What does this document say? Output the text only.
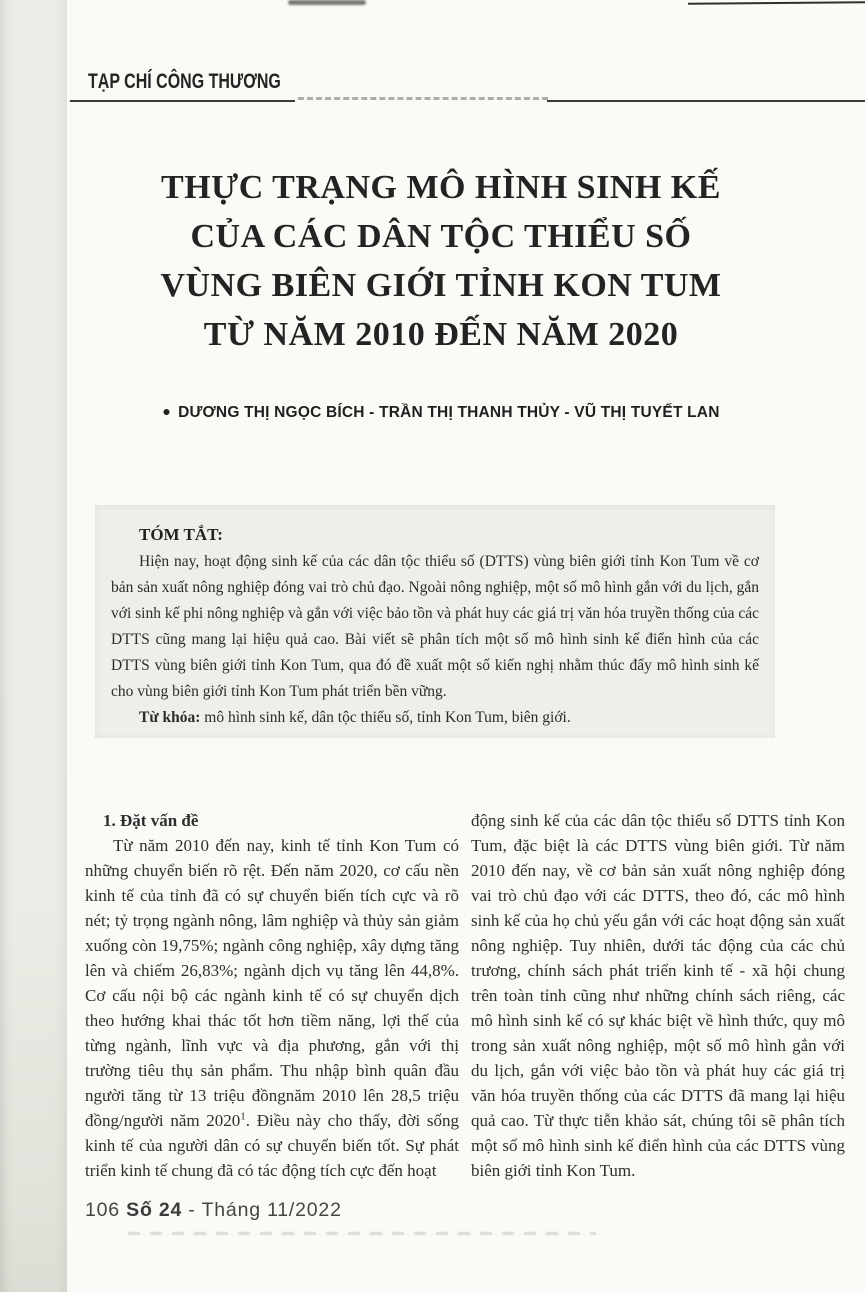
TẠP CHÍ CÔNG THƯƠNG
THỰC TRẠNG MÔ HÌNH SINH KẾ
CỦA CÁC DÂN TỘC THIỂU SỐ
VÙNG BIÊN GIỚI TỈNH KON TUM
TỪ NĂM 2010 ĐẾN NĂM 2020
● DƯƠNG THỊ NGỌC BÍCH - TRẦN THỊ THANH THỦY - VŨ THỊ TUYẾT LAN

TÓM TẮT:

Hiện nay, hoạt động sinh kế của các dân tộc thiểu số (DTTS) vùng biên giới tỉnh Kon Tum về cơ bản sản xuất nông nghiệp đóng vai trò chủ đạo. Ngoài nông nghiệp, một số mô hình gắn với du lịch, gắn với sinh kế phi nông nghiệp và gắn với việc bảo tồn và phát huy các giá trị văn hóa truyền thống của các DTTS cũng mang lại hiệu quả cao. Bài viết sẽ phân tích một số mô hình sinh kế điển hình của các DTTS vùng biên giới tỉnh Kon Tum, qua đó đề xuất một số kiến nghị nhằm thúc đẩy mô hình sinh kế cho vùng biên giới tỉnh Kon Tum phát triển bền vững.

Từ khóa: mô hình sinh kế, dân tộc thiểu số, tỉnh Kon Tum, biên giới.

1. Đặt vấn đề

Từ năm 2010 đến nay, kinh tế tỉnh Kon Tum có những chuyển biến rõ rệt. Đến năm 2020, cơ cấu nền kinh tế của tỉnh đã có sự chuyển biến tích cực và rõ nét; tỷ trọng ngành nông, lâm nghiệp và thủy sản giảm xuống còn 19,75%; ngành công nghiệp, xây dựng tăng lên và chiếm 26,83%; ngành dịch vụ tăng lên 44,8%. Cơ cấu nội bộ các ngành kinh tế có sự chuyển dịch theo hướng khai thác tốt hơn tiềm năng, lợi thế của từng ngành, lĩnh vực và địa phương, gắn với thị trường tiêu thụ sản phẩm. Thu nhập bình quân đầu người tăng từ 13 triệu đồngnăm 2010 lên 28,5 triệu đồng/người năm 2020$^1$. Điều này cho thấy, đời sống kinh tế của người dân có sự chuyển biến tốt. Sự phát triển kinh tế chung đã có tác động tích cực đến hoạt

động sinh kế của các dân tộc thiểu số DTTS tỉnh Kon Tum, đặc biệt là các DTTS vùng biên giới. Từ năm 2010 đến nay, về cơ bản sản xuất nông nghiệp đóng vai trò chủ đạo với các DTTS, theo đó, các mô hình sinh kế của họ chủ yếu gắn với các hoạt động sản xuất nông nghiệp. Tuy nhiên, dưới tác động của các chủ trương, chính sách phát triển kinh tế - xã hội chung trên toàn tỉnh cũng như những chính sách riêng, các mô hình sinh kế có sự khác biệt về hình thức, quy mô trong sản xuất nông nghiệp, một số mô hình gắn với du lịch, gắn với việc bảo tồn và phát huy các giá trị văn hóa truyền thống của các DTTS đã mang lại hiệu quả cao. Từ thực tiễn khảo sát, chúng tôi sẽ phân tích một số mô hình sinh kế điển hình của các DTTS vùng biên giới tỉnh Kon Tum.

106 Số 24 - Tháng 11/2022
